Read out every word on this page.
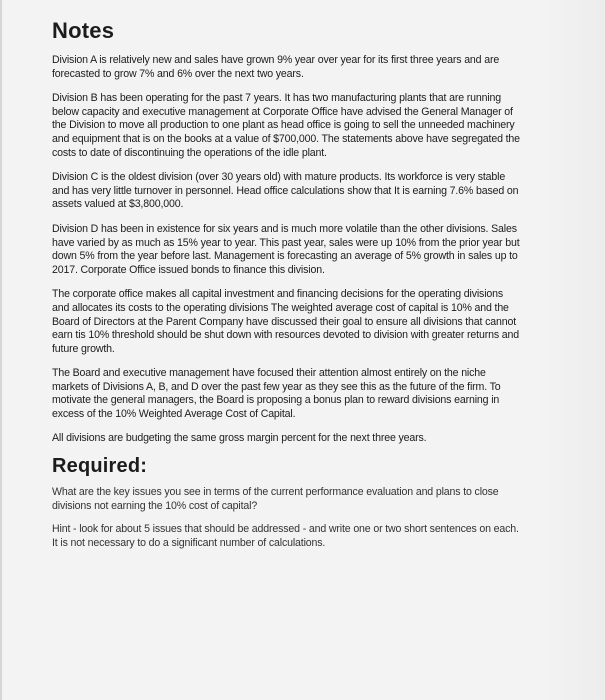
Notes

Division A is relatively new and sales have grown 9% year over year for its first three years and are forecasted to grow 7% and 6% over the next two years.

Division B has been operating for the past 7 years. It has two manufacturing plants that are running below capacity and executive management at Corporate Office have advised the General Manager of the Division to move all production to one plant as head office is going to sell the unneeded machinery and equipment that is on the books at a value of $700,000. The statements above have segregated the costs to date of discontinuing the operations of the idle plant.

Division C is the oldest division (over 30 years old) with mature products. Its workforce is very stable and has very little turnover in personnel. Head office calculations show that It is earning 7.6% based on assets valued at $3,800,000.

Division D has been in existence for six years and is much more volatile than the other divisions. Sales have varied by as much as 15% year to year. This past year, sales were up 10% from the prior year but down 5% from the year before last. Management is forecasting an average of 5% growth in sales up to 2017. Corporate Office issued bonds to finance this division.

The corporate office makes all capital investment and financing decisions for the operating divisions and allocates its costs to the operating divisions The weighted average cost of capital is 10% and the Board of Directors at the Parent Company have discussed their goal to ensure all divisions that cannot earn tis 10% threshold should be shut down with resources devoted to division with greater returns and future growth.

The Board and executive management have focused their attention almost entirely on the niche markets of Divisions A, B, and D over the past few year as they see this as the future of the firm. To motivate the general managers, the Board is proposing a bonus plan to reward divisions earning in excess of the 10% Weighted Average Cost of Capital.

All divisions are budgeting the same gross margin percent for the next three years.

Required:

What are the key issues you see in terms of the current performance evaluation and plans to close divisions not earning the 10% cost of capital?

Hint - look for about 5 issues that should be addressed - and write one or two short sentences on each. It is not necessary to do a significant number of calculations.
